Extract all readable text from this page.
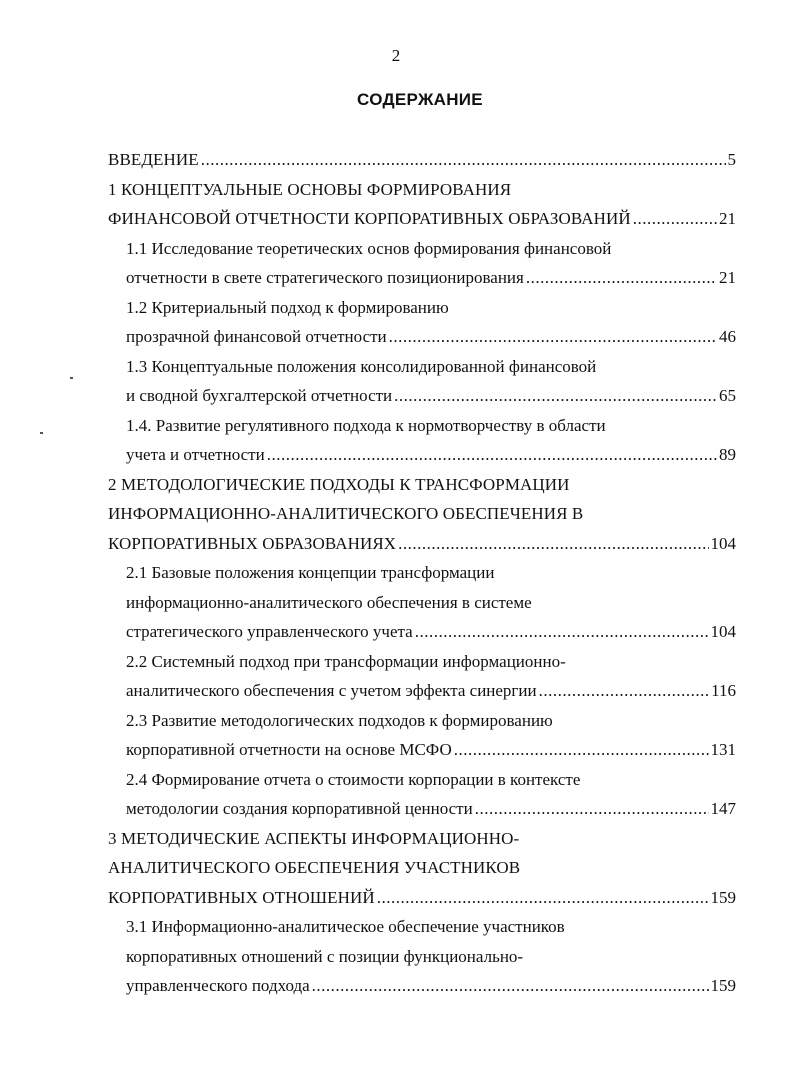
2
СОДЕРЖАНИЕ
ВВЕДЕНИЕ .....	5
1 КОНЦЕПТУАЛЬНЫЕ ОСНОВЫ ФОРМИРОВАНИЯ
ФИНАНСОВОЙ ОТЧЕТНОСТИ КОРПОРАТИВНЫХ ОБРАЗОВАНИЙ .....	21
1.1 Исследование теоретических основ формирования финансовой
отчетности в свете стратегического позиционирования .....	21
1.2 Критериальный подход к формированию
прозрачной финансовой отчетности .....	46
1.3 Концептуальные положения консолидированной финансовой
и сводной бухгалтерской отчетности .....	65
1.4. Развитие регулятивного подхода к нормотворчеству в области
учета и отчетности .....	89
2 МЕТОДОЛОГИЧЕСКИЕ ПОДХОДЫ К ТРАНСФОРМАЦИИ
ИНФОРМАЦИОННО-АНАЛИТИЧЕСКОГО ОБЕСПЕЧЕНИЯ В
КОРПОРАТИВНЫХ ОБРАЗОВАНИЯХ .....	104
2.1 Базовые положения концепции трансформации
информационно-аналитического обеспечения в системе
стратегического управленческого учета .....	104
2.2 Системный подход при трансформации информационно-
аналитического обеспечения с учетом эффекта синергии .....	116
2.3 Развитие методологических подходов к формированию
корпоративной отчетности на основе МСФО .....	131
2.4 Формирование отчета о стоимости корпорации в контексте
методологии создания корпоративной ценности .....	147
3 МЕТОДИЧЕСКИЕ АСПЕКТЫ ИНФОРМАЦИОННО-
АНАЛИТИЧЕСКОГО ОБЕСПЕЧЕНИЯ УЧАСТНИКОВ
КОРПОРАТИВНЫХ ОТНОШЕНИЙ .....	159
3.1 Информационно-аналитическое обеспечение участников
корпоративных отношений с позиции функционально-
управленческого подхода .....	159
